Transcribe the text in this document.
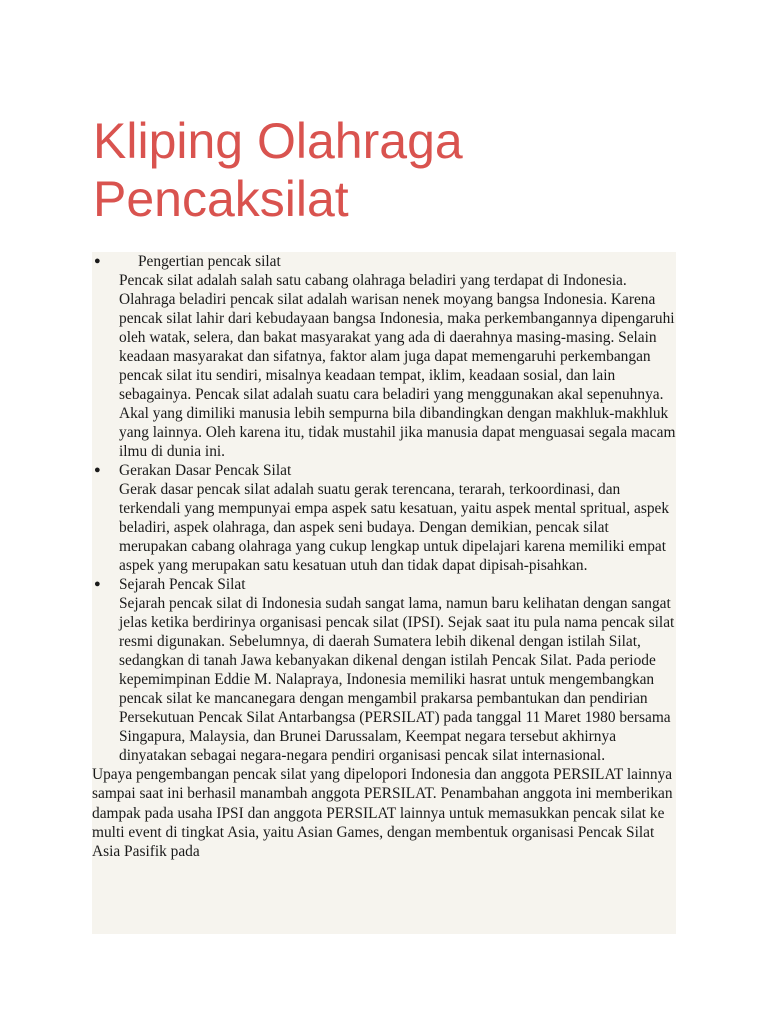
Kliping Olahraga Pencaksilat
●	Pengertian pencak silat

Pencak silat adalah salah satu cabang olahraga beladiri yang terdapat di Indonesia. Olahraga beladiri pencak silat adalah warisan nenek moyang bangsa Indonesia. Karena pencak silat lahir dari kebudayaan bangsa Indonesia, maka perkembangannya dipengaruhi oleh watak, selera, dan bakat masyarakat yang ada di daerahnya masing-masing. Selain keadaan masyarakat dan sifatnya, faktor alam juga dapat memengaruhi perkembangan pencak silat itu sendiri, misalnya keadaan tempat, iklim, keadaan sosial, dan lain sebagainya. Pencak silat adalah suatu cara beladiri yang menggunakan akal sepenuhnya. Akal yang dimiliki manusia lebih sempurna bila dibandingkan dengan makhluk-makhluk yang lainnya. Oleh karena itu, tidak mustahil jika manusia dapat menguasai segala macam ilmu di dunia ini.

● Gerakan Dasar Pencak Silat

Gerak dasar pencak silat adalah suatu gerak terencana, terarah, terkoordinasi, dan terkendali yang mempunyai empa aspek satu kesatuan, yaitu aspek mental spritual, aspek beladiri, aspek olahraga, dan aspek seni budaya. Dengan demikian, pencak silat merupakan cabang olahraga yang cukup lengkap untuk dipelajari karena memiliki empat aspek yang merupakan satu kesatuan utuh dan tidak dapat dipisah-pisahkan.

● Sejarah Pencak Silat

Sejarah pencak silat di Indonesia sudah sangat lama, namun baru kelihatan dengan sangat jelas ketika berdirinya organisasi pencak silat (IPSI). Sejak saat itu pula nama pencak silat resmi digunakan. Sebelumnya, di daerah Sumatera lebih dikenal dengan istilah Silat, sedangkan di tanah Jawa kebanyakan dikenal dengan istilah Pencak Silat. Pada periode kepemimpinan Eddie M. Nalapraya, Indonesia memiliki hasrat untuk mengembangkan pencak silat ke mancanegara dengan mengambil prakarsa pembantukan dan pendirian Persekutuan Pencak Silat Antarbangsa (PERSILAT) pada tanggal 11 Maret 1980 bersama Singapura, Malaysia, dan Brunei Darussalam, Keempat negara tersebut akhirnya dinyatakan sebagai negara-negara pendiri organisasi pencak silat internasional.

Upaya pengembangan pencak silat yang dipelopori Indonesia dan anggota PERSILAT lainnya sampai saat ini berhasil manambah anggota PERSILAT. Penambahan anggota ini memberikan dampak pada usaha IPSI dan anggota PERSILAT lainnya untuk memasukkan pencak silat ke multi event di tingkat Asia, yaitu Asian Games, dengan membentuk organisasi Pencak Silat Asia Pasifik pada
